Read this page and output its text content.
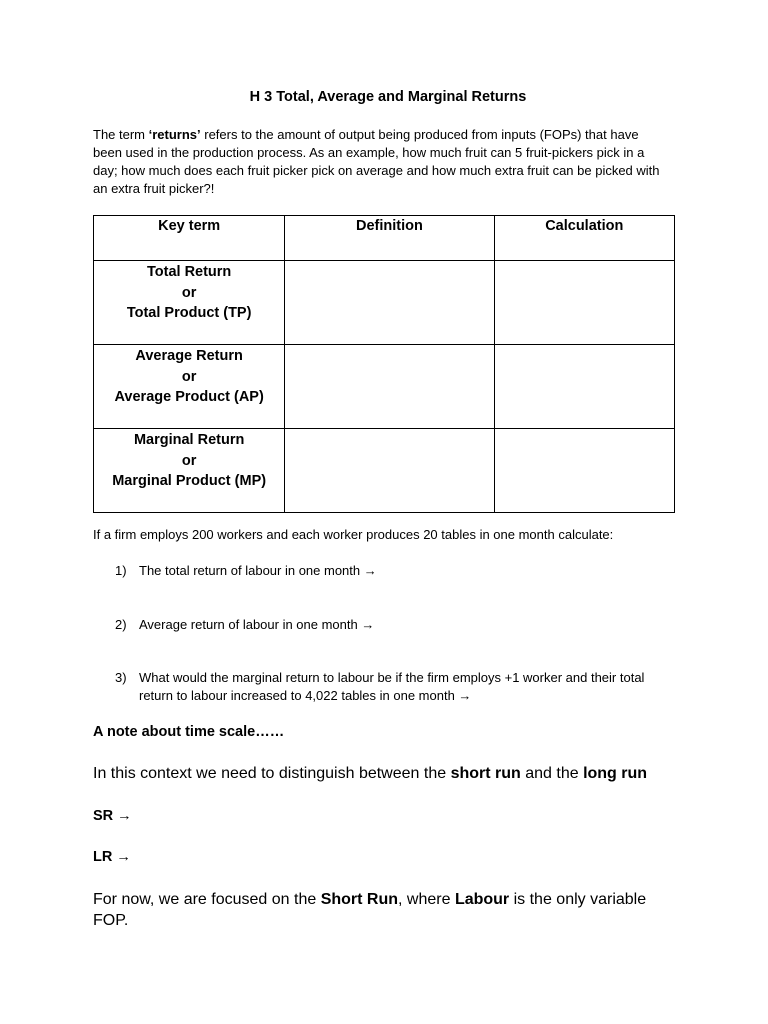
H 3 Total, Average and Marginal Returns
The term ‘returns’ refers to the amount of output being produced from inputs (FOPs) that have been used in the production process. As an example, how much fruit can 5 fruit-pickers pick in a day; how much does each fruit picker pick on average and how much extra fruit can be picked with an extra fruit picker?!
Key term	Definition	Calculation

Total Return
or
Total Product (TP)		

Average Return
or
Average Product (AP)		

Marginal Return
or
Marginal Product (MP)		

If a firm employs 200 workers and each worker produces 20 tables in one month calculate:
1) The total return of labour in one month →
2) Average return of labour in one month →
3) What would the marginal return to labour be if the firm employs +1 worker and their total return to labour increased to 4,022 tables in one month →
A note about time scale……
In this context we need to distinguish between the short run and the long run
SR →
LR →
For now, we are focused on the Short Run, where Labour is the only variable FOP.
